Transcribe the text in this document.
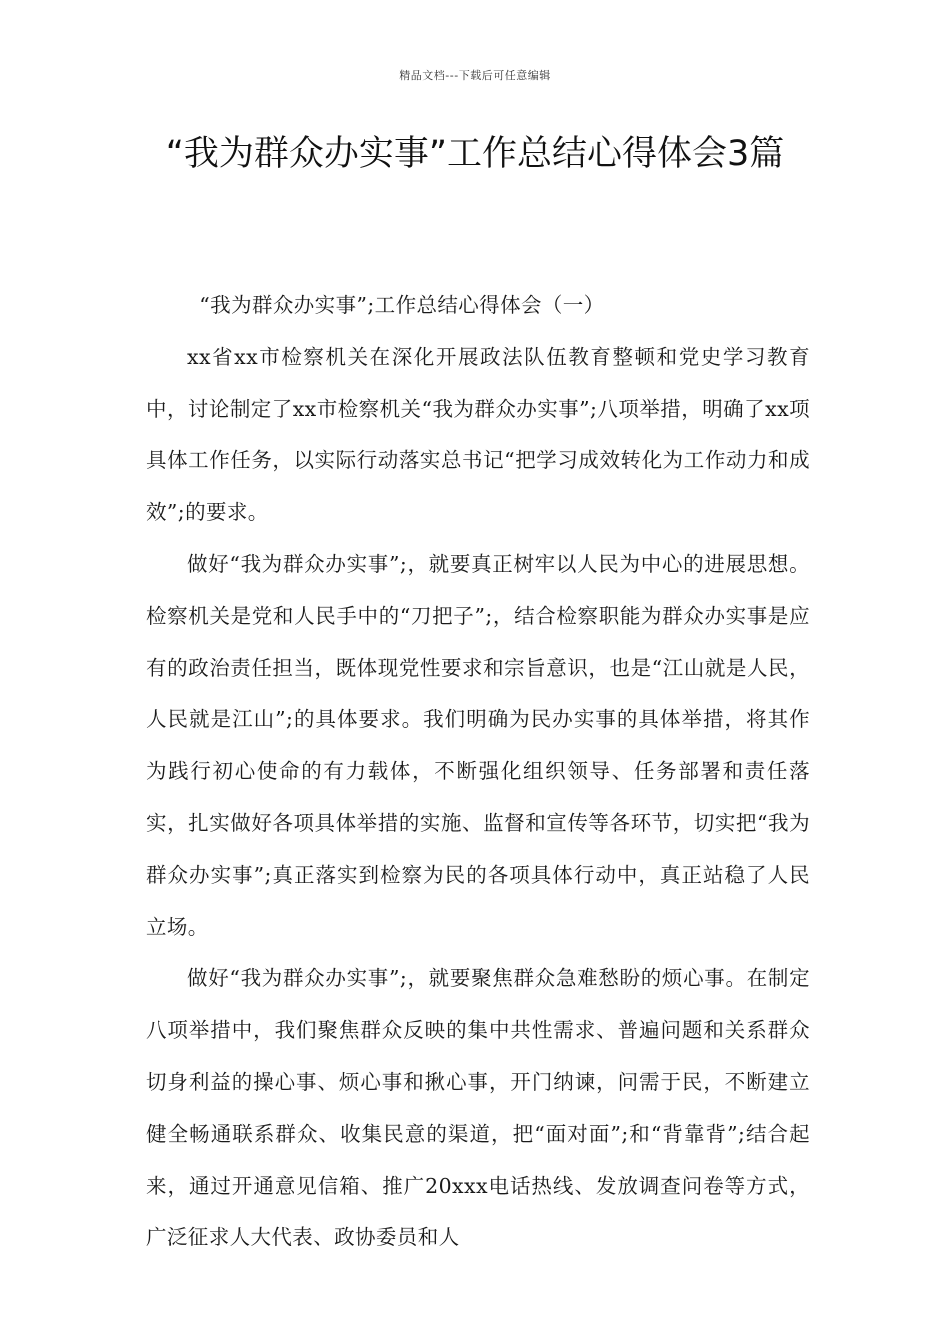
精品文档---下载后可任意编辑
“我为群众办实事”工作总结心得体会3篇

“我为群众办实事”;工作总结心得体会（一）

xx省xx市检察机关在深化开展政法队伍教育整顿和党史学习教育中，讨论制定了xx市检察机关“我为群众办实事”;八项举措，明确了xx项具体工作任务，以实际行动落实总书记“把学习成效转化为工作动力和成效”;的要求。

做好“我为群众办实事”;，就要真正树牢以人民为中心的进展思想。检察机关是党和人民手中的“刀把子”;，结合检察职能为群众办实事是应有的政治责任担当，既体现党性要求和宗旨意识，也是“江山就是人民，人民就是江山”;的具体要求。我们明确为民办实事的具体举措，将其作为践行初心使命的有力载体，不断强化组织领导、任务部署和责任落实，扎实做好各项具体举措的实施、监督和宣传等各环节，切实把“我为群众办实事”;真正落实到检察为民的各项具体行动中，真正站稳了人民立场。

做好“我为群众办实事”;，就要聚焦群众急难愁盼的烦心事。在制定八项举措中，我们聚焦群众反映的集中共性需求、普遍问题和关系群众切身利益的操心事、烦心事和揪心事，开门纳谏，问需于民，不断建立健全畅通联系群众、收集民意的渠道，把“面对面”;和“背靠背”;结合起来，通过开通意见信箱、推广20xxx电话热线、发放调查问卷等方式，广泛征求人大代表、政协委员和人
